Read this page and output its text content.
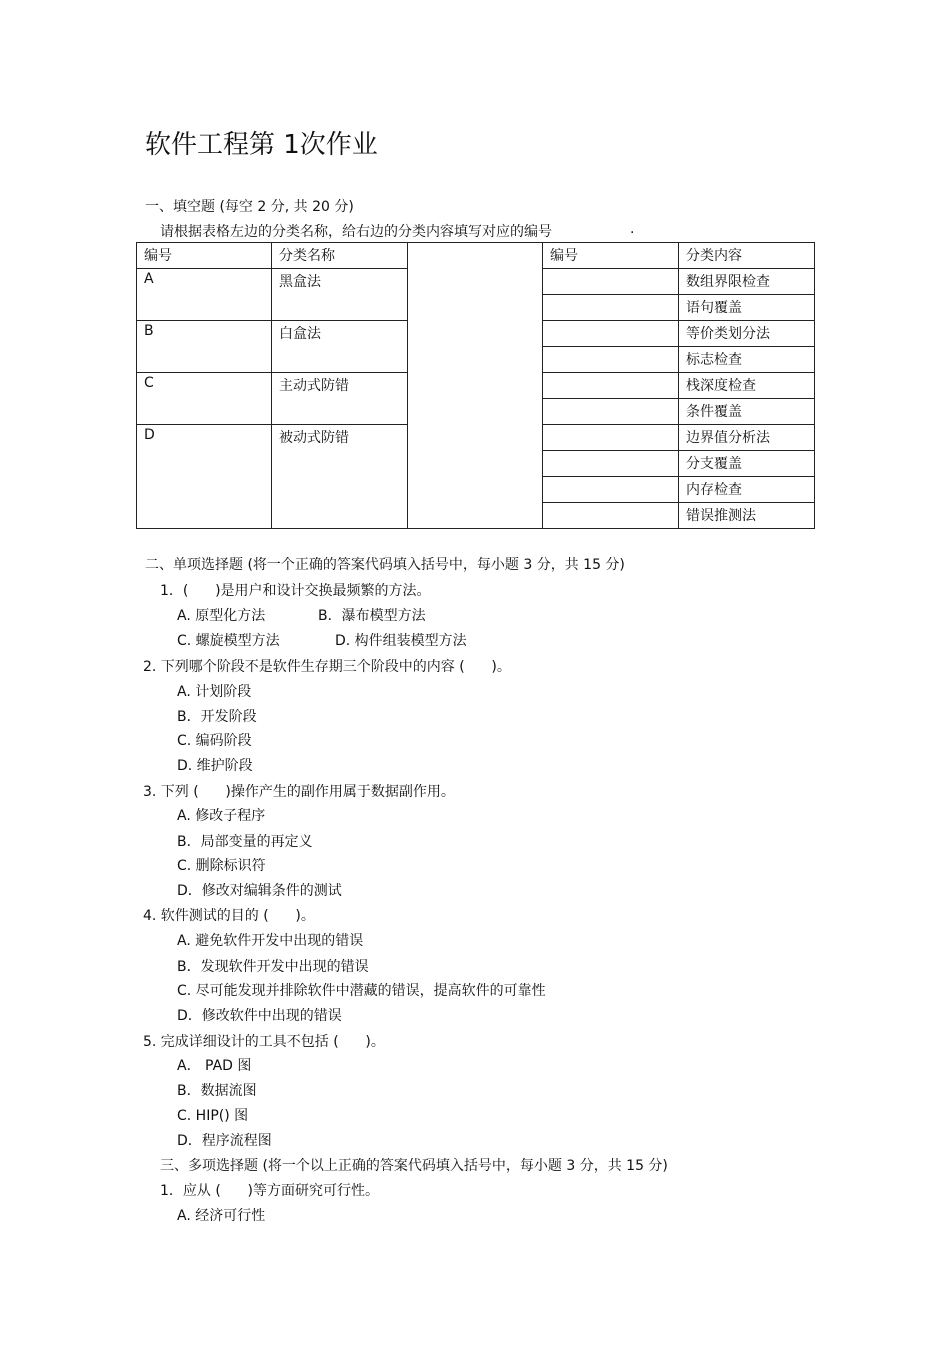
软件工程第 1次作业
一、填空题 (每空 2 分, 共 20 分)
请根据表格左边的分类名称，给右边的分类内容填写对应的编号	.
编号	分类名称		编号	分类内容
A	黑盒法			数组界限检查
				语句覆盖
B	白盒法			等价类划分法
				标志检查
C	主动式防错			栈深度检查
				条件覆盖
D	被动式防错			边界值分析法
				分支覆盖
				内存检查
				错误推测法
二、单项选择题 (将一个正确的答案代码填入括号中，每小题 3 分，共 15 分)
1．(      )是用户和设计交换最频繁的方法。
A. 原型化方法	B．瀑布模型方法
C. 螺旋模型方法	D. 构件组装模型方法
2. 下列哪个阶段不是软件生存期三个阶段中的内容 (      )。
A. 计划阶段
B．开发阶段
C. 编码阶段
D. 维护阶段
3. 下列 (      )操作产生的副作用属于数据副作用。
A. 修改子程序
B．局部变量的再定义
C. 删除标识符
D．修改对编辑条件的测试
4. 软件测试的目的 (      )。
A. 避免软件开发中出现的错误
B．发现软件开发中出现的错误
C. 尽可能发现并排除软件中潜藏的错误，提高软件的可靠性
D．修改软件中出现的错误
5. 完成详细设计的工具不包括 (      )。
A． PAD 图
B．数据流图
C. HIP() 图
D．程序流程图
三、多项选择题 (将一个以上正确的答案代码填入括号中，每小题 3 分，共 15 分)
1．应从 (      )等方面研究可行性。
A. 经济可行性
